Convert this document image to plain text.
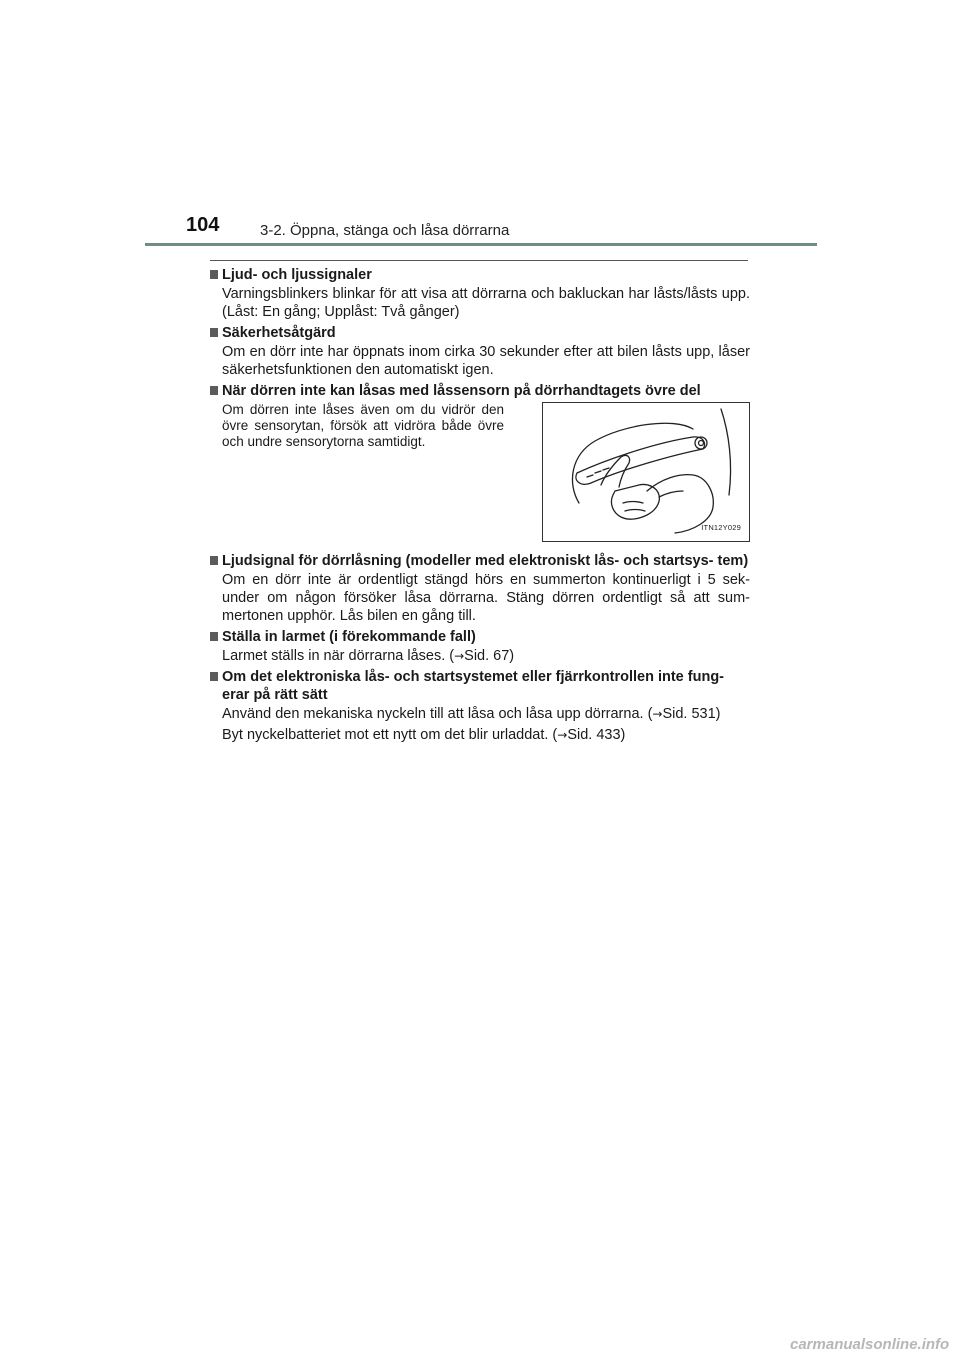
104	3-2. Öppna, stänga och låsa dörrarna
Ljud- och ljussignaler

Varningsblinkers blinkar för att visa att dörrarna och bakluckan har låsts/låsts upp. (Låst: En gång; Upplåst: Två gånger)

Säkerhetsåtgärd

Om en dörr inte har öppnats inom cirka 30 sekunder efter att bilen låsts upp, låser säkerhetsfunktionen den automatiskt igen.

När dörren inte kan låsas med låssensorn på dörrhandtagets övre del
Om dörren inte låses även om du vidrör den övre sensorytan, försök att vidröra både övre och undre sensorytorna samtidigt.
ITN12Y029
Ljudsignal för dörrlåsning (modeller med elektroniskt lås- och startsys- tem)

Om en dörr inte är ordentligt stängd hörs en summerton kontinuerligt i 5 sek- under om någon försöker låsa dörrarna. Stäng dörren ordentligt så att sum- mertonen upphör. Lås bilen en gång till.

Ställa in larmet (i förekommande fall)

Larmet ställs in när dörrarna låses. (→Sid. 67)

Om det elektroniska lås- och startsystemet eller fjärrkontrollen inte fung- erar på rätt sätt

Använd den mekaniska nyckeln till att låsa och låsa upp dörrarna. (→Sid. 531)

Byt nyckelbatteriet mot ett nytt om det blir urladdat. (→Sid. 433)

carmanualsonline.info
